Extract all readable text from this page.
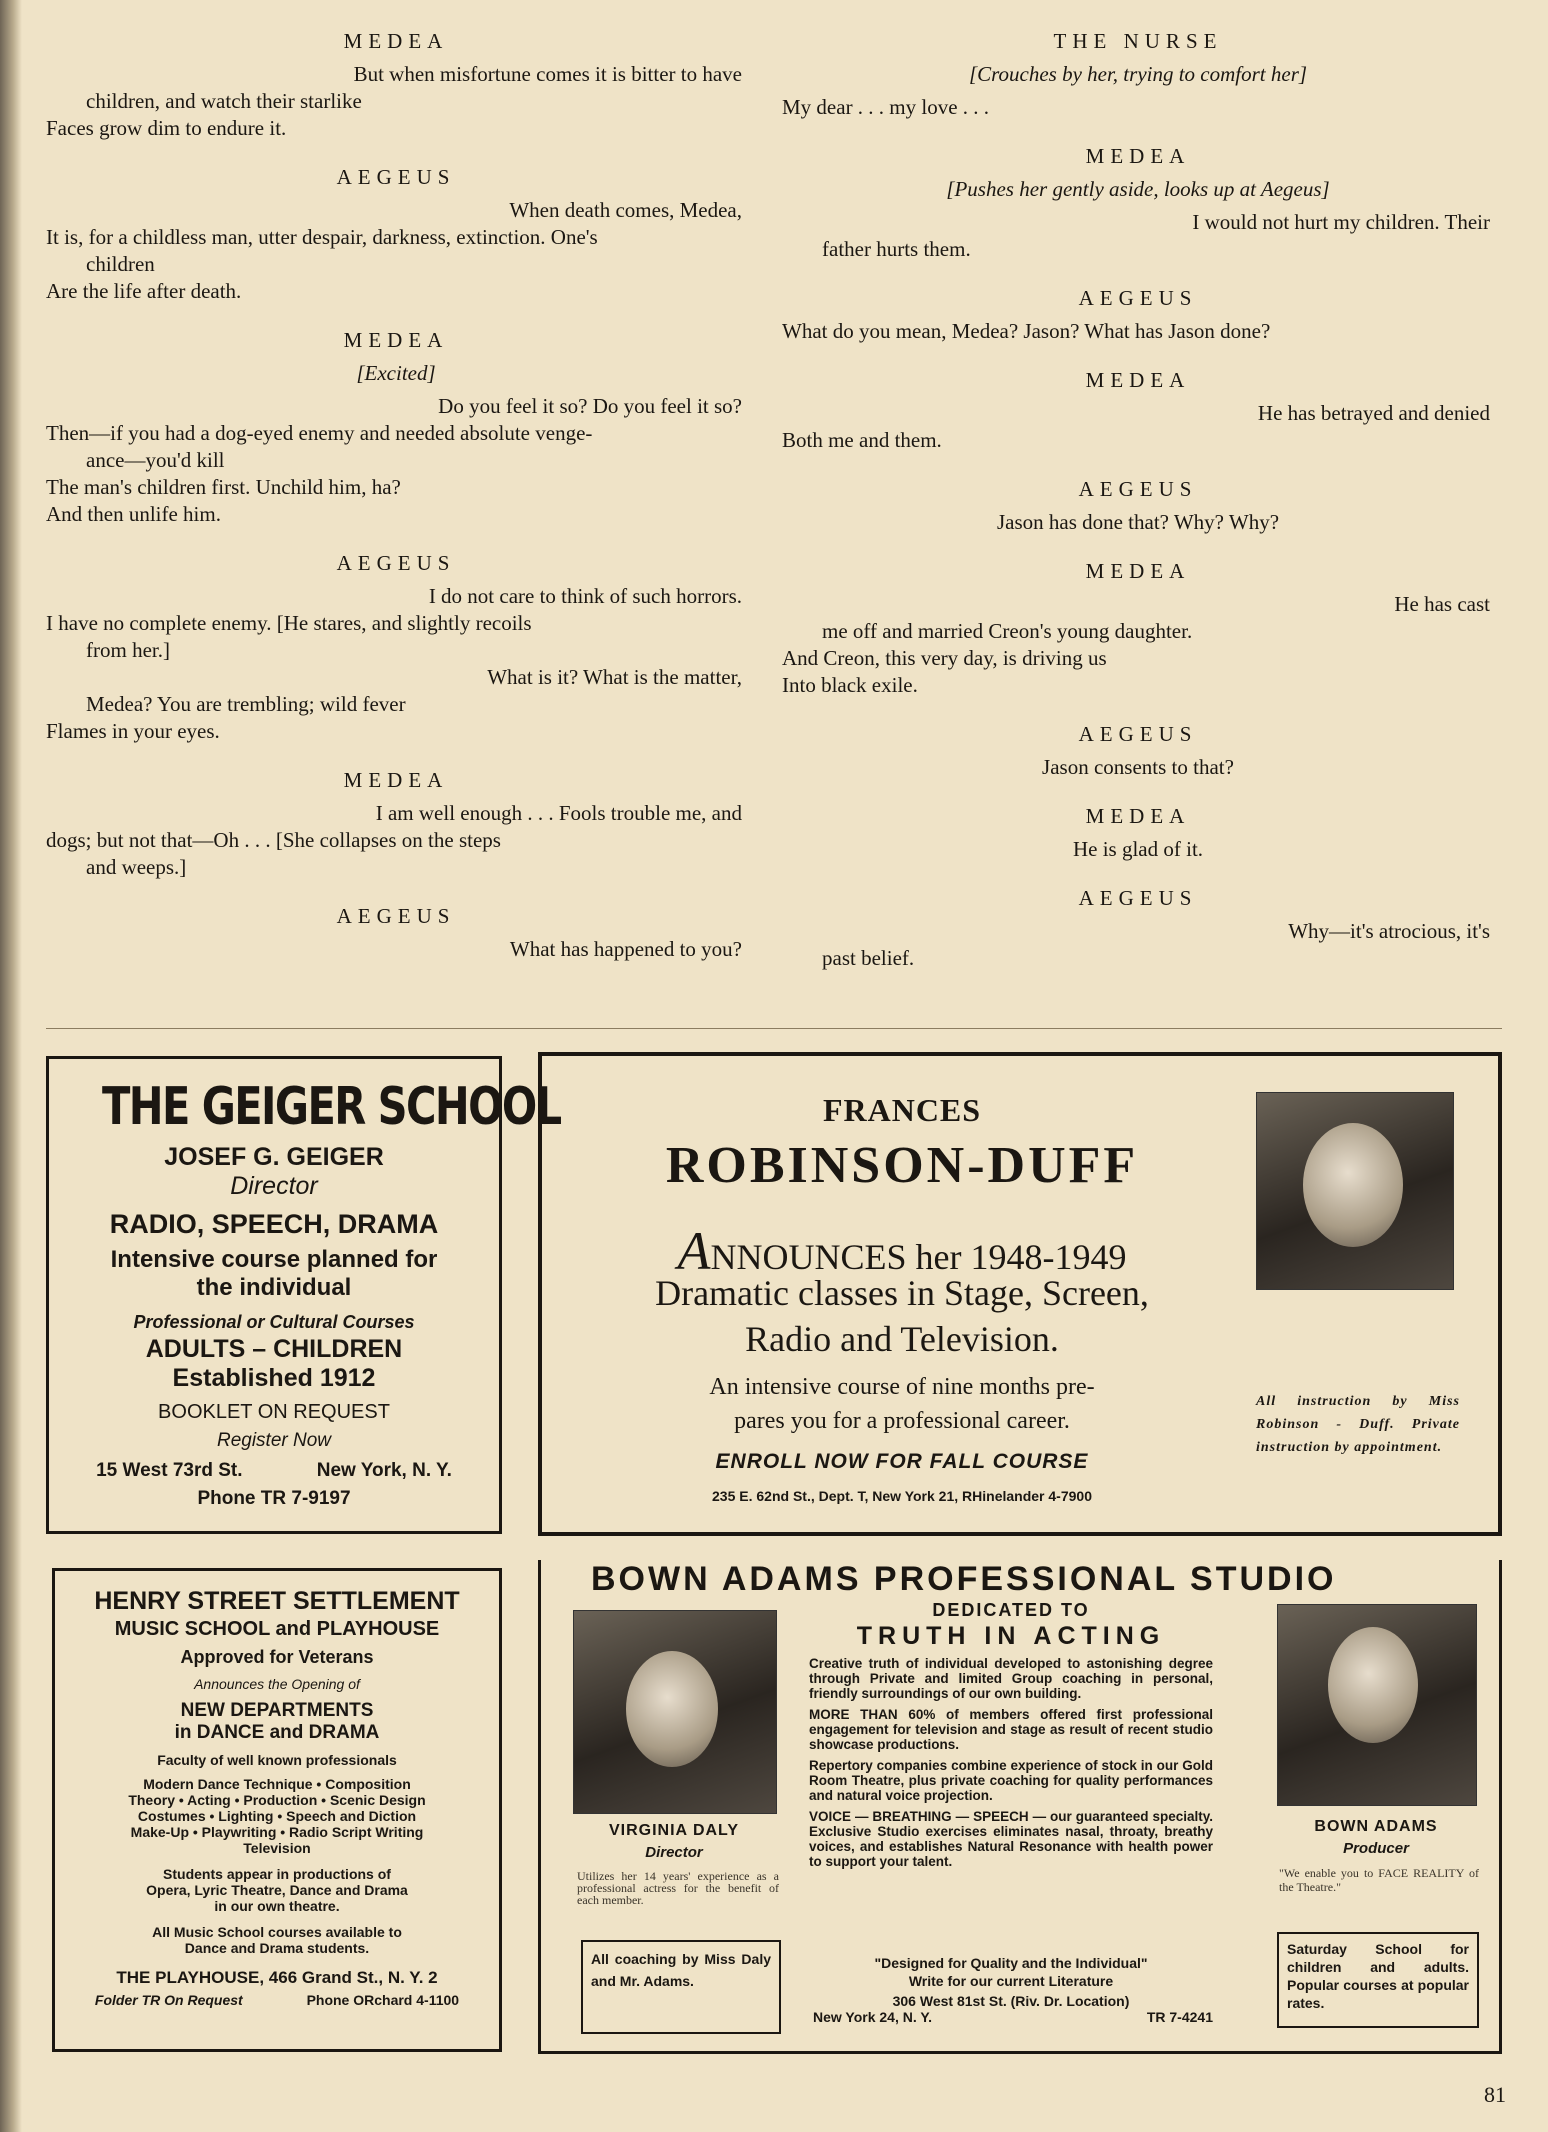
MEDEA

But when misfortune comes it is bitter to have

children, and watch their starlike

Faces grow dim to endure it.

AEGEUS

When death comes, Medea,

It is, for a childless man, utter despair, darkness, extinction. One's

children

Are the life after death.

MEDEA
[Excited]

Do you feel it so? Do you feel it so?

Then—if you had a dog-eyed enemy and needed absolute venge-

ance—you'd kill

The man's children first. Unchild him, ha?

And then unlife him.

AEGEUS

I do not care to think of such horrors.

I have no complete enemy. [He stares, and slightly recoils

from her.]

What is it? What is the matter,

Medea? You are trembling; wild fever

Flames in your eyes.

MEDEA

I am well enough . . . Fools trouble me, and

dogs; but not that—Oh . . . [She collapses on the steps

and weeps.]

AEGEUS

What has happened to you?

THE NURSE
[Crouches by her, trying to comfort her]

My dear . . . my love . . .

MEDEA
[Pushes her gently aside, looks up at Aegeus]

I would not hurt my children. Their

father hurts them.

AEGEUS

What do you mean, Medea? Jason? What has Jason done?

MEDEA

He has betrayed and denied

Both me and them.

AEGEUS

Jason has done that? Why? Why?

MEDEA

He has cast

me off and married Creon's young daughter.

And Creon, this very day, is driving us

Into black exile.

AEGEUS

Jason consents to that?

MEDEA

He is glad of it.

AEGEUS

Why—it's atrocious, it's

past belief.

THE GEIGER SCHOOL
JOSEF G. GEIGER
Director
RADIO, SPEECH, DRAMA
Intensive course planned for
the individual
Professional or Cultural Courses
ADULTS – CHILDREN
Established 1912
BOOKLET ON REQUEST
Register Now
15 West 73rd St.	New York, N. Y.
Phone TR 7-9197
FRANCES
ROBINSON-DUFF
ANNOUNCES her 1948-1949
Dramatic classes in Stage, Screen,
Radio and Television.
An intensive course of nine months pre-
pares you for a professional career.
ENROLL NOW FOR FALL COURSE
235 E. 62nd St., Dept. T, New York 21, RHinelander 4-7900
All instruction by Miss Robinson - Duff. Private instruction by appointment.
HENRY STREET SETTLEMENT
MUSIC SCHOOL and PLAYHOUSE
Approved for Veterans
Announces the Opening of
NEW DEPARTMENTS
in DANCE and DRAMA
Faculty of well known professionals
Modern Dance Technique • Composition
Theory • Acting • Production • Scenic Design
Costumes • Lighting • Speech and Diction
Make-Up • Playwriting • Radio Script Writing
Television
Students appear in productions of
Opera, Lyric Theatre, Dance and Drama
in our own theatre.
All Music School courses available to
Dance and Drama students.
THE PLAYHOUSE, 466 Grand St., N. Y. 2
Folder TR On Request	Phone ORchard 4-1100
BOWN ADAMS PROFESSIONAL STUDIO
VIRGINIA DALY
Director
Utilizes her 14 years' experience as a professional actress for the benefit of each member.
All coaching by Miss Daly and Mr. Adams.
DEDICATED TO
TRUTH IN ACTING
Creative truth of individual developed to astonishing degree through Private and limited Group coaching in personal, friendly surroundings of our own building.
MORE THAN 60% of members offered first professional engagement for television and stage as result of recent studio showcase productions.
Repertory companies combine experience of stock in our Gold Room Theatre, plus private coaching for quality performances and natural voice projection.
VOICE — BREATHING — SPEECH — our guaranteed specialty. Exclusive Studio exercises eliminates nasal, throaty, breathy voices, and establishes Natural Resonance with health power to support your talent.
"Designed for Quality and the Individual"
Write for our current Literature
306 West 81st St. (Riv. Dr. Location)
New York 24, N. Y.	TR 7-4241
BOWN ADAMS
Producer
"We enable you to FACE REALITY of the Theatre."
Saturday School for children and adults. Popular courses at popular rates.
81
